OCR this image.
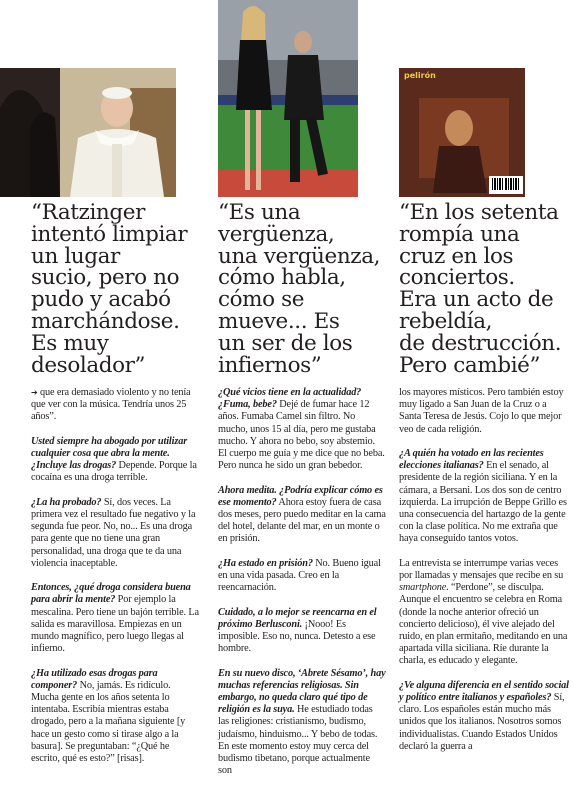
pelirón

“Ratzinger
intentó limpiar
un lugar
sucio, pero no
pudo y acabó
marchándose.
Es muy
desolador”

“Es una
vergüenza,
una vergüenza,
cómo habla,
cómo se
mueve... Es
un ser de los
infiernos”

“En los setenta
rompía una
cruz en los
conciertos.
Era un acto de
rebeldía,
de destrucción.
Pero cambié”

➔ que era demasiado violento y no tenía que ver con la música. Tendría unos 25 años”.

Usted siempre ha abogado por utilizar cualquier cosa que abra la mente. ¿Incluye las drogas? Depende. Porque la cocaína es una droga terrible.

¿La ha probado? Sí, dos veces. La primera vez el resultado fue negativo y la segunda fue peor. No, no... Es una droga para gente que no tiene una gran personalidad, una droga que te da una violencia inaceptable.

Entonces, ¿qué droga considera buena para abrir la mente? Por ejemplo la mescalina. Pero tiene un bajón terrible. La salida es maravillosa. Empiezas en un mundo magnífico, pero luego llegas al infierno.

¿Ha utilizado esas drogas para componer? No, jamás. Es ridículo. Mucha gente en los años setenta lo intentaba. Escribía mientras estaba drogado, pero a la mañana siguiente [y hace un gesto como si tirase algo a la basura]. Se preguntaban: “¿Qué he escrito, qué es esto?” [risas].

¿Qué vicios tiene en la actualidad? ¿Fuma, bebe? Dejé de fumar hace 12 años. Fumaba Camel sin filtro. No mucho, unos 15 al día, pero me gustaba mucho. Y ahora no bebo, soy abstemio. El cuerpo me guía y me dice que no beba. Pero nunca he sido un gran bebedor.

Ahora medita. ¿Podría explicar cómo es ese momento? Ahora estoy fuera de casa dos meses, pero puedo meditar en la cama del hotel, delante del mar, en un monte o en prisión.

¿Ha estado en prisión? No. Bueno igual en una vida pasada. Creo en la reencarnación.

Cuidado, a lo mejor se reencarna en el próximo Berlusconi. ¡Nooo! Es imposible. Eso no, nunca. Detesto a ese hombre.

En su nuevo disco, ‘Abrete Sésamo’, hay muchas referencias religiosas. Sin embargo, no queda claro qué tipo de religión es la suya. He estudiado todas las religiones: cristianismo, budismo, judaísmo, hinduismo... Y bebo de todas. En este momento estoy muy cerca del budismo tibetano, porque actualmente son

los mayores místicos. Pero también estoy muy ligado a San Juan de la Cruz o a Santa Teresa de Jesús. Cojo lo que mejor veo de cada religión.

¿A quién ha votado en las recientes elecciones italianas? En el senado, al presidente de la región siciliana. Y en la cámara, a Bersani. Los dos son de centro izquierda. La irrupción de Beppe Grillo es una consecuencia del hartazgo de la gente con la clase política. No me extraña que haya conseguido tantos votos.

La entrevista se interrumpe varias veces por llamadas y mensajes que recibe en su smartphone. “Perdone”, se disculpa. Aunque el encuentro se celebra en Roma (donde la noche anterior ofreció un concierto delicioso), él vive alejado del ruido, en plan ermitaño, meditando en una apartada villa siciliana. Ríe durante la charla, es educado y elegante.

¿Ve alguna diferencia en el sentido social y político entre italianos y españoles? Sí, claro. Los españoles están mucho más unidos que los italianos. Nosotros somos individualistas. Cuando Estados Unidos declaró la guerra a
